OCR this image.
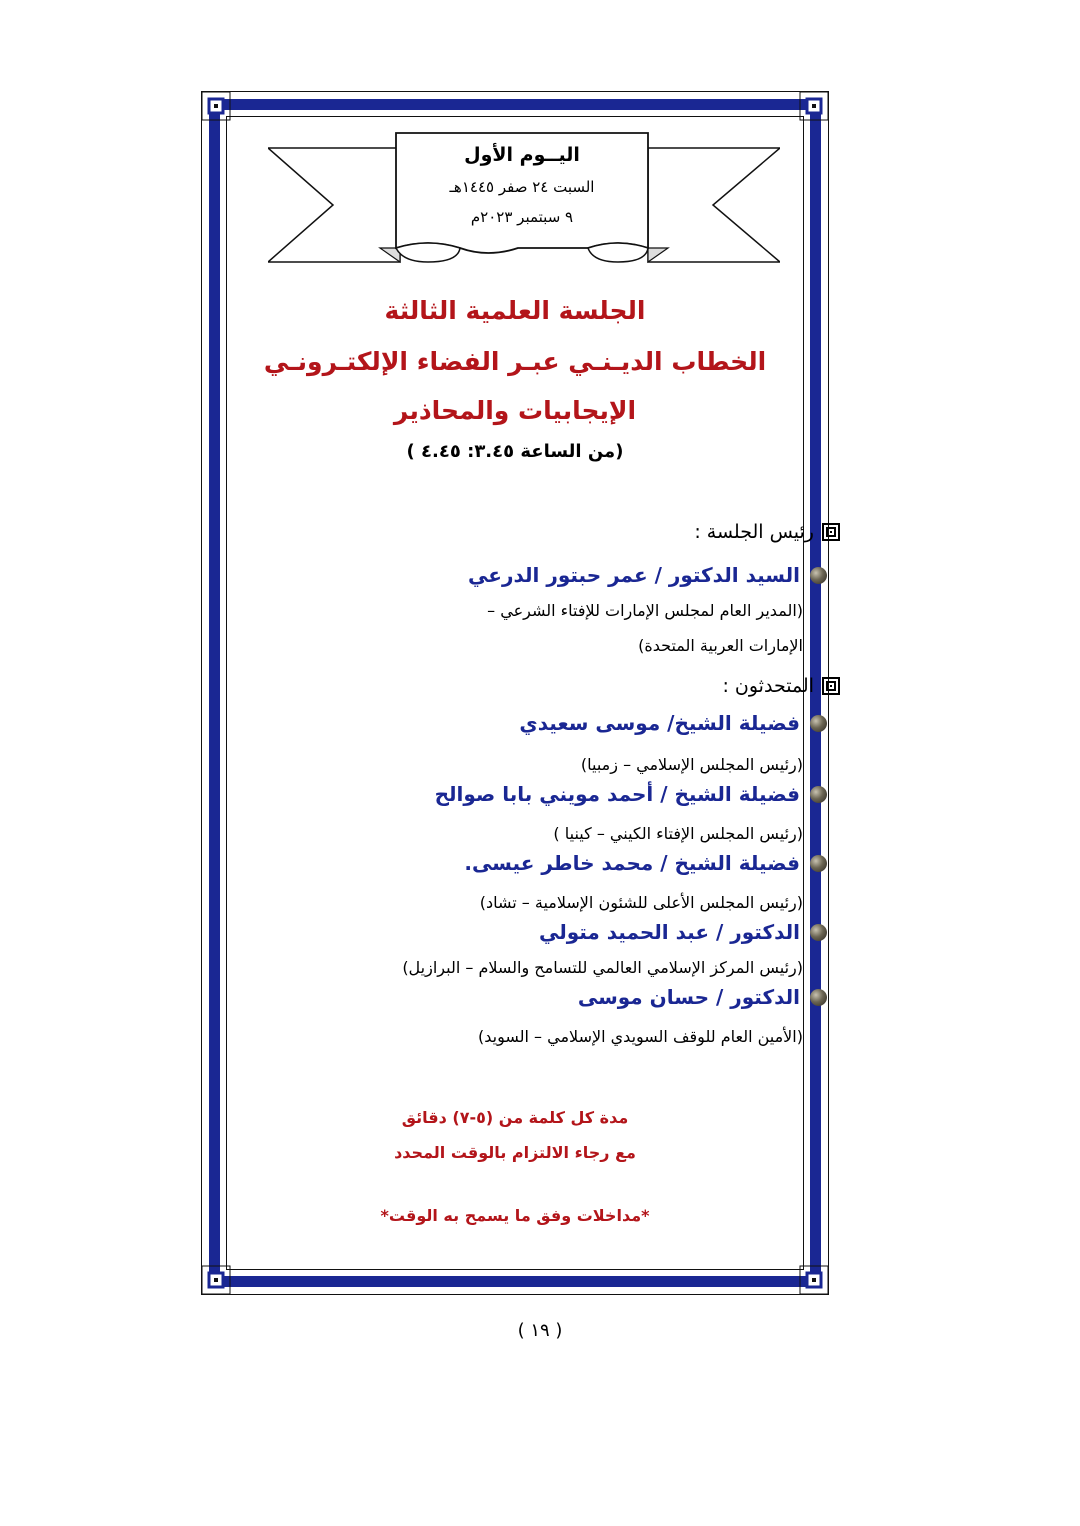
اليــوم الأول
السبت ٢٤ صفر ١٤٤٥هـ
٩ سبتمبر ٢٠٢٣م
الجلسة العلمية الثالثة
الخطاب الديـنـي عبـر الفضاء الإلكتـرونـي
الإيجابيات والمحاذير
(من الساعة ٣.٤٥: ٤.٤٥ )
رئيس الجلسة :
السيد الدكتور / عمر حبتور الدرعي
(المدير العام لمجلس الإمارات للإفتاء الشرعي –
الإمارات العربية المتحدة)
المتحدثون :
فضيلة الشيخ/ موسى سعيدي
(رئيس المجلس الإسلامي – زمبيا)
فضيلة الشيخ / أحمد مويني بابا صوالح
(رئيس المجلس الإفتاء الكيني – كينيا )
فضيلة الشيخ / محمد خاطر عيسى.
(رئيس المجلس الأعلى للشئون الإسلامية – تشاد)
الدكتور / عبد الحميد متولي
(رئيس المركز الإسلامي العالمي للتسامح والسلام – البرازيل)
الدكتور / حسان موسى
(الأمين العام للوقف السويدي الإسلامي – السويد)
مدة كل كلمة من (٥-٧) دقائق
مع رجاء الالتزام بالوقت المحدد
*مداخلات وفق ما يسمح به الوقت*
( ١٩ )
